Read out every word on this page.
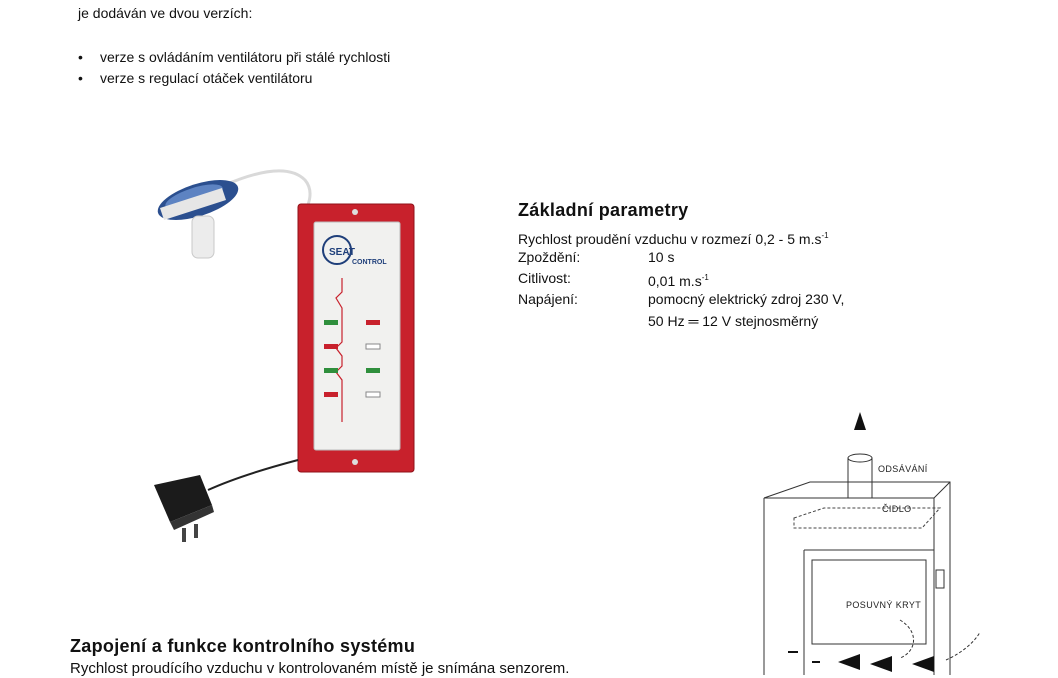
je dodáván ve dvou verzích:
• verze s ovládáním ventilátoru při stálé rychlosti
• verze s regulací otáček ventilátoru
SEAT
CONTROL
Základní parametry
Rychlost proudění vzduchu v rozmezí 0,2 - 5 $m.s^{-1}$
Zpoždění:	10 s
Citlivost:	0,01 $m.s^{-1}$
Napájení:	pomocný elektrický zdroj 230 V,
50 Hz ═ 12 V stejnosměrný
ODSÁVÁNÍ
ČIDLO
POSUVNÝ KRYT
Zapojení a funkce kontrolního systému
Rychlost proudícího vzduchu v kontrolovaném místě je snímána senzorem.
